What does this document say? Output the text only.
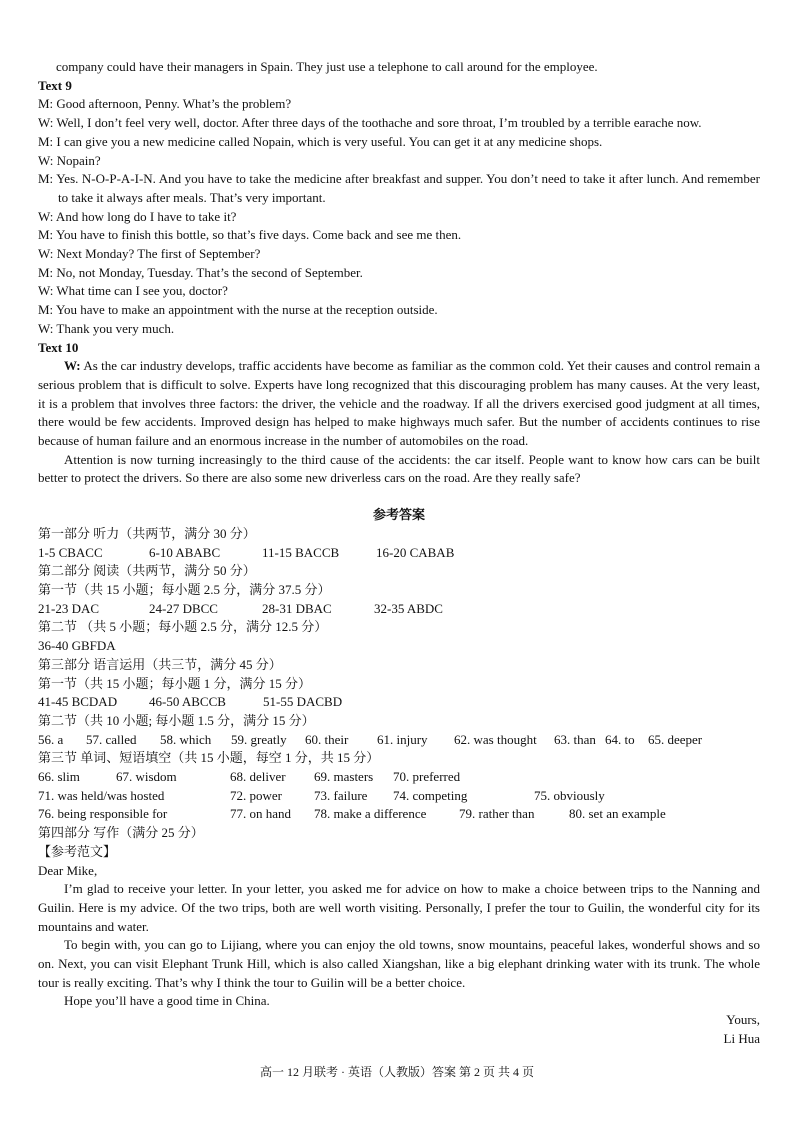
company could have their managers in Spain. They just use a telephone to call around for the employee.

Text 9

M: Good afternoon, Penny. What’s the problem?

W: Well, I don’t feel very well, doctor. After three days of the toothache and sore throat, I’m troubled by a terrible earache now.

M: I can give you a new medicine called Nopain, which is very useful. You can get it at any medicine shops.

W: Nopain?

M: Yes. N-O-P-A-I-N. And you have to take the medicine after breakfast and supper. You don’t need to take it after lunch. And remember to take it always after meals. That’s very important.

W: And how long do I have to take it?

M: You have to finish this bottle, so that’s five days. Come back and see me then.

W: Next Monday? The first of September?

M: No, not Monday, Tuesday. That’s the second of September.

W: What time can I see you, doctor?

M: You have to make an appointment with the nurse at the reception outside.

W: Thank you very much.

Text 10

W: As the car industry develops, traffic accidents have become as familiar as the common cold. Yet their causes and control remain a serious problem that is difficult to solve. Experts have long recognized that this discouraging problem has many causes. At the very least, it is a problem that involves three factors: the driver, the vehicle and the roadway. If all the drivers exercised good judgment at all times, there would be few accidents. Improved design has helped to make highways much safer. But the number of accidents continues to rise because of human failure and an enormous increase in the number of automobiles on the road.

Attention is now turning increasingly to the third cause of the accidents: the car itself. People want to know how cars can be built better to protect the drivers. So there are also some new driverless cars on the road. Are they really safe?

参考答案

第一部分 听力（共两节，满分 30 分）

1-5 CBACC	6-10 ABABC	11-15 BACCB	16-20 CABAB

第二部分 阅读（共两节，满分 50 分）

第一节（共 15 小题；每小题 2.5 分，满分 37.5 分）

21-23 DAC	24-27 DBCC	28-31 DBAC	32-35 ABDC

第二节 （共 5 小题；每小题 2.5 分，满分 12.5 分）

36-40 GBFDA

第三部分 语言运用（共三节，满分 45 分）

第一节（共 15 小题；每小题 1 分，满分 15 分）

41-45 BCDAD	46-50 ABCCB	51-55 DACBD

第二节（共 10 小题; 每小题 1.5 分，满分 15 分）

56. a	57. called	58. which	59. greatly	60. their	61. injury	62. was thought	63. than 64. to	65. deeper

第三节 单词、短语填空（共 15 小题，每空 1 分，共 15 分）

66. slim	67. wisdom	68. deliver	69. masters	70. preferred
71. was held/was hosted	72. power	73. failure	74. competing	75. obviously
76. being responsible for	77. on hand	78. make a difference	79. rather than	80. set an example

第四部分 写作（满分 25 分）

【参考范文】

Dear Mike,

I’m glad to receive your letter. In your letter, you asked me for advice on how to make a choice between trips to the Nanning and Guilin. Here is my advice. Of the two trips, both are well worth visiting. Personally, I prefer the tour to Guilin, the wonderful city for its mountains and water.

To begin with, you can go to Lijiang, where you can enjoy the old towns, snow mountains, peaceful lakes, wonderful shows and so on. Next, you can visit Elephant Trunk Hill, which is also called Xiangshan, like a big elephant drinking water with its trunk. The whole tour is really exciting. That’s why I think the tour to Guilin will be a better choice.

Hope you’ll have a good time in China.

Yours,

Li Hua

高一 12 月联考 · 英语（人教版）答案 第 2 页 共 4 页
